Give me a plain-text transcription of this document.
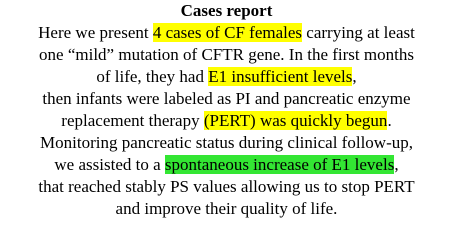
Cases report
Here we present 4 cases of CF females carrying at least
one “mild” mutation of CFTR gene. In the first months
of life, they had E1 insufficient levels,
then infants were labeled as PI and pancreatic enzyme
replacement therapy (PERT) was quickly begun.
Monitoring pancreatic status during clinical follow-up,
we assisted to a spontaneous increase of E1 levels,
that reached stably PS values allowing us to stop PERT
and improve their quality of life.
